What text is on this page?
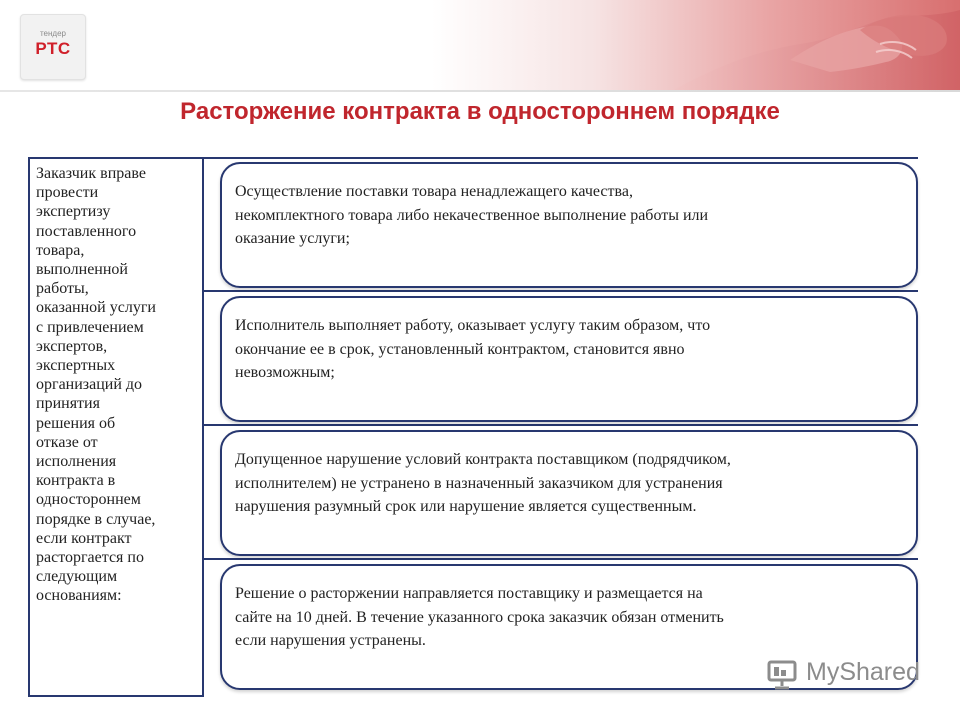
тендер
РТС
Расторжение контракта в одностороннем порядке
Заказчик вправе
провести
экспертизу
поставленного
товара,
выполненной
работы,
оказанной услуги
с привлечением
экспертов,
экспертных
организаций до
принятия
решения об
отказе от
исполнения
контракта в
одностороннем
порядке в случае,
если контракт
расторгается по
следующим
основаниям:
Осуществление поставки товара ненадлежащего качества,
некомплектного товара либо некачественное выполнение работы или
оказание услуги;
Исполнитель выполняет работу, оказывает услугу таким образом, что
окончание ее в срок, установленный контрактом, становится явно
невозможным;
Допущенное нарушение условий контракта поставщиком (подрядчиком,
исполнителем) не устранено в назначенный заказчиком для устранения
нарушения разумный срок или нарушение является существенным.
Решение о расторжении направляется поставщику и размещается на
сайте на 10 дней. В течение указанного срока заказчик обязан отменить
если нарушения устранены.
MyShared
